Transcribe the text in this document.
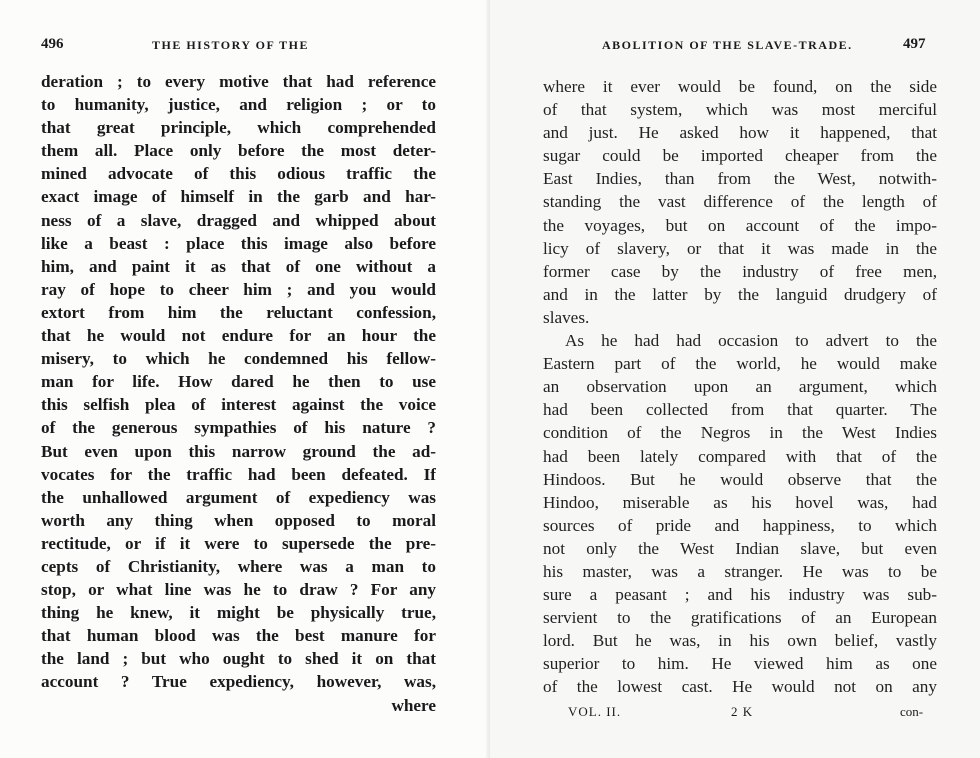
496	THE HISTORY OF THE
deration ; to every motive that had reference
to humanity, justice, and religion ; or to
that great principle, which comprehended
them all. Place only before the most deter-
mined advocate of this odious traffic the
exact image of himself in the garb and har-
ness of a slave, dragged and whipped about
like a beast : place this image also before
him, and paint it as that of one without a
ray of hope to cheer him ; and you would
extort from him the reluctant confession,
that he would not endure for an hour the
misery, to which he condemned his fellow-
man for life. How dared he then to use
this selfish plea of interest against the voice
of the generous sympathies of his nature ?
But even upon this narrow ground the ad-
vocates for the traffic had been defeated. If
the unhallowed argument of expediency was
worth any thing when opposed to moral
rectitude, or if it were to supersede the pre-
cepts of Christianity, where was a man to
stop, or what line was he to draw ? For any
thing he knew, it might be physically true,
that human blood was the best manure for
the land ; but who ought to shed it on that
account ? True expediency, however, was,
where
ABOLITION OF THE SLAVE-TRADE.	497
where it ever would be found, on the side
of that system, which was most merciful
and just. He asked how it happened, that
sugar could be imported cheaper from the
East Indies, than from the West, notwith-
standing the vast difference of the length of
the voyages, but on account of the impo-
licy of slavery, or that it was made in the
former case by the industry of free men,
and in the latter by the languid drudgery of
slaves.
As he had had occasion to advert to the
Eastern part of the world, he would make
an observation upon an argument, which
had been collected from that quarter. The
condition of the Negros in the West Indies
had been lately compared with that of the
Hindoos. But he would observe that the
Hindoo, miserable as his hovel was, had
sources of pride and happiness, to which
not only the West Indian slave, but even
his master, was a stranger. He was to be
sure a peasant ; and his industry was sub-
servient to the gratifications of an European
lord. But he was, in his own belief, vastly
superior to him. He viewed him as one
of the lowest cast. He would not on any
VOL. II.	2 K	con-
